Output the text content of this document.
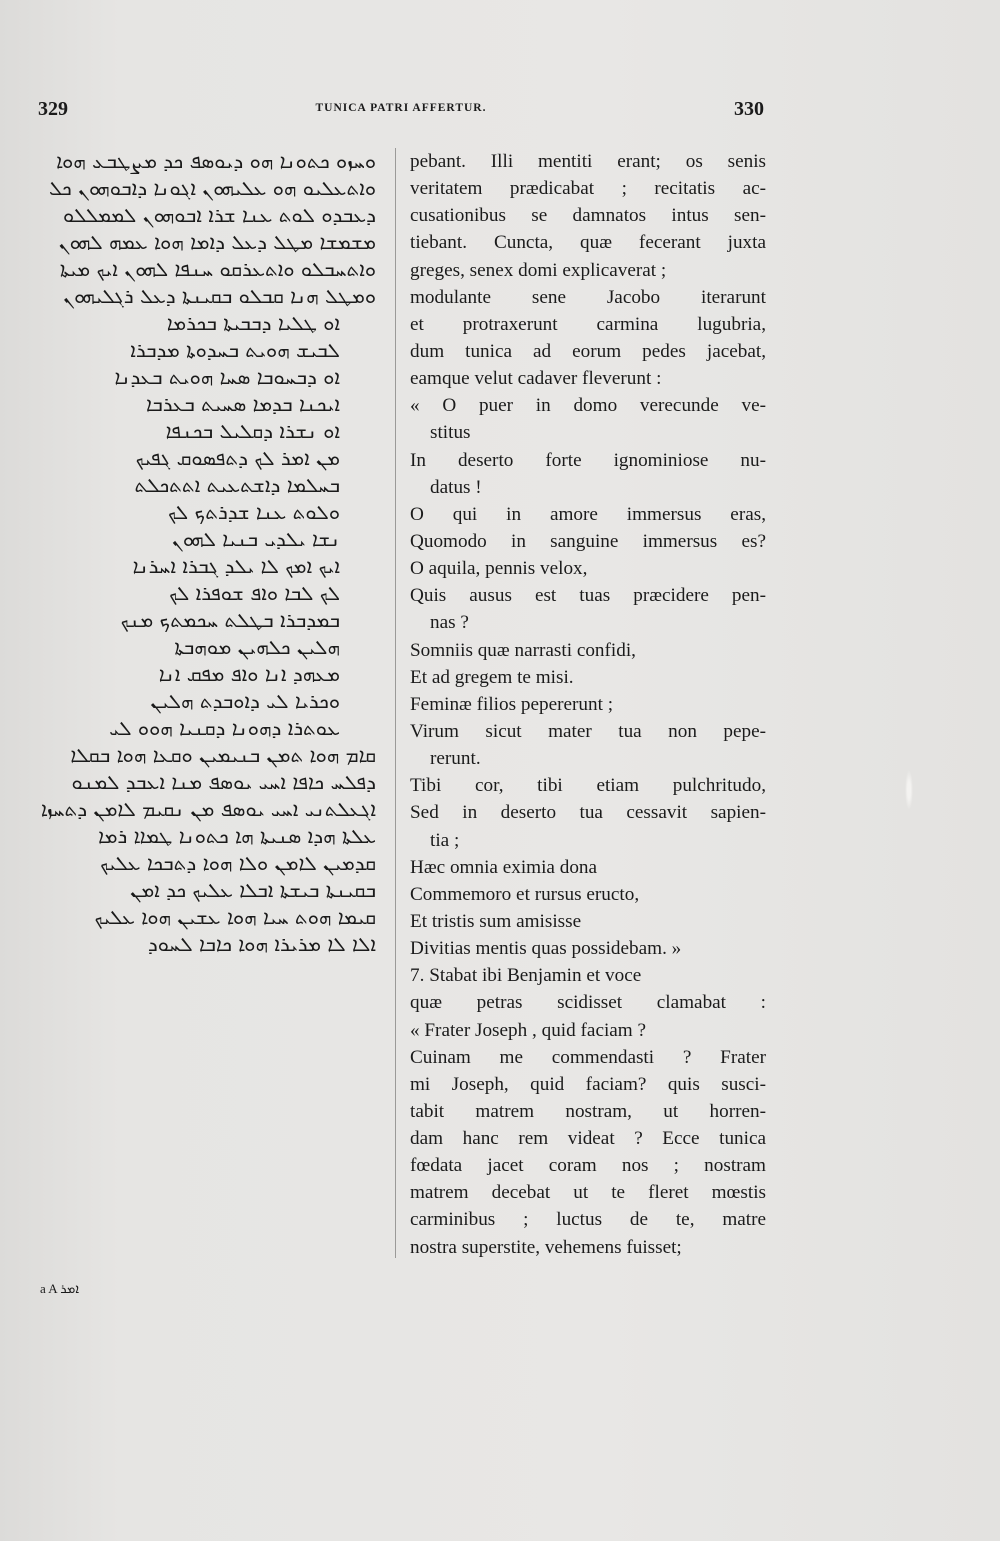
329	TUNICA PATRI AFFERTUR.	330
ܘܚܙܘ ܟܬܘܢܐ ܗܘ ܕܝܘܣܦ ܟܕ ܡܨܛܒܥ ܗܘܐ
ܘܐܬܥܠܝܘ ܗܘ ܥܠܝܗܘܢ ܐܓܘܢܐ ܕܐܒܘܗܘܢ ܟܠ
ܕܥܒܕܘ ܠܘܬ ܥܢܐ ܫܪܐ ܐܒܘܗܘܢ ܠܡܡܠܠܘ
ܡܫܡܫܐ ܡܛܠ ܕܥܠ ܕܐܡܐ ܗܘܐ ܥܡܗ ܠܗܘܢ
ܘܐܬܚܒܠܘ ܘܐܬܥܪܩܘ ܚܢܦܐ ܠܗܘܢ ܐܝܟ ܡܝܬܐ
ܘܡܛܠ ܗܢܐ ܩܒܠܘ ܒܩܝܢܬܐ ܕܥܠ ܪܓܠܝܗܘܢ
ܐܘ ܛܠܝܐ ܕܒܒܝܬܐ ܒܟܪܡܐ
ܠܒܝܫ ܗܘܝܬ ܒܚܕܘܬܐ ܡܕܒܪܐ
ܐܘ ܕܒܚܘܒܐ ܣܚܐ ܗܘܝܬ ܒܥܕܢܐ
ܐܝܟܢܐ ܒܕܡܐ ܣܚܝܬ ܒܥܪܒܐ
ܐܘ ܢܫܪܐ ܕܩܠܝܠ ܒܟܢܦܐ
ܡܢ ܐܡܪ ܠܟ ܕܬܦܣܘܩ ܓܦܝܟ
ܒܚܠܡܐ ܕܐܫܬܥܝܬ ܐܬܬܟܠܬ
ܘܠܘܬ ܥܢܐ ܫܕܪܬܟ ܠܟ
ܢܫܐ ܝܠܕܝ ܒܢܝܐ ܠܗܘܢ
ܐܝܟ ܐܡܟ ܠܐ ܝܠܕ ܓܒܪܐ ܐܚܪܢܐ
ܠܟ ܠܒܐ ܘܐܦ ܫܘܦܪܐ ܠܟ
ܒܡܕܒܪܐ ܒܛܠܬ ܚܟܡܬܟ ܡܢܟ
ܗܠܝܢ ܟܠܗܝܢ ܡܘܗܒܬܐ
ܡܥܗܕ ܐܢܐ ܘܐܦ ܡܦܩ ܐܢܐ
ܘܟܪܝܐ ܠܝ ܕܐܘܒܕܬ ܗܠܝܢ
ܥܘܬܪܐ ܕܗܘܢܐ ܕܩܢܝܐ ܗܘܘ ܠܝ
ܩܐܡ ܗܘܐ ܬܡܢ ܒܢܝܡܝܢ ܘܩܥܐ ܗܘܐ ܒܩܠܐ
ܕܦܠܚ ܟܐܦܐ ܐܚܝ ܝܘܣܦ ܡܢܐ ܐܥܒܕ ܠܡܢܘ
ܐܓܥܠܬܢܝ ܐܚܝ ܝܘܣܦ ܡܢ ܢܩܝܡ ܠܐܡܢ ܕܬܚܙܐ
ܥܠܬܐ ܗܕܐ ܣܢܝܬܐ ܗܐ ܟܬܘܢܐ ܛܡܐܐ ܪܡܐ
ܩܕܡܝܢ ܠܐܡܢ ܘܠܐ ܗܘܐ ܕܬܒܟܐ ܥܠܝܟ
ܒܩܝܢܬܐ ܒܝܫܬܐ ܐܒܠܐ ܥܠܝܟ ܟܕ ܐܡܢ
ܩܝܡܐ ܗܘܬ ܚܝܐ ܗܘܐ ܥܫܝܢ ܗܘܐ ܥܠܝܟ
ܐܠܐ ܠܐ ܡܪܝܪܐ ܗܘܐ ܟܐܒܐ ܠܚܘܕ
a A ܐܡܪ
pebant. Illi mentiti erant; os senis
veritatem prædicabat ; recitatis ac-
cusationibus se damnatos intus sen-
tiebant. Cuncta, quæ fecerant juxta
greges, senex domi explicaverat ;
modulante sene Jacobo iterarunt
et protraxerunt carmina lugubria,
dum tunica ad eorum pedes jacebat,
eamque velut cadaver fleverunt :
« O puer in domo verecunde ve-
stitus
In deserto forte ignominiose nu-
datus !
O qui in amore immersus eras,
Quomodo in sanguine immersus es?
O aquila, pennis velox,
Quis ausus est tuas præcidere pen-
nas ?
Somniis quæ narrasti confidi,
Et ad gregem te misi.
Feminæ filios pepererunt ;
Virum sicut mater tua non pepe-
rerunt.
Tibi cor, tibi etiam pulchritudo,
Sed in deserto tua cessavit sapien-
tia ;
Hæc omnia eximia dona
Commemoro et rursus eructo,
Et tristis sum amisisse
Divitias mentis quas possidebam. »
7. Stabat ibi Benjamin et voce
quæ petras scidisset clamabat :
« Frater Joseph , quid faciam ?
Cuinam me commendasti ? Frater
mi Joseph, quid faciam? quis susci-
tabit matrem nostram, ut horren-
dam hanc rem videat ? Ecce tunica
fœdata jacet coram nos ; nostram
matrem decebat ut te fleret mœstis
carminibus ; luctus de te, matre
nostra superstite, vehemens fuisset;
